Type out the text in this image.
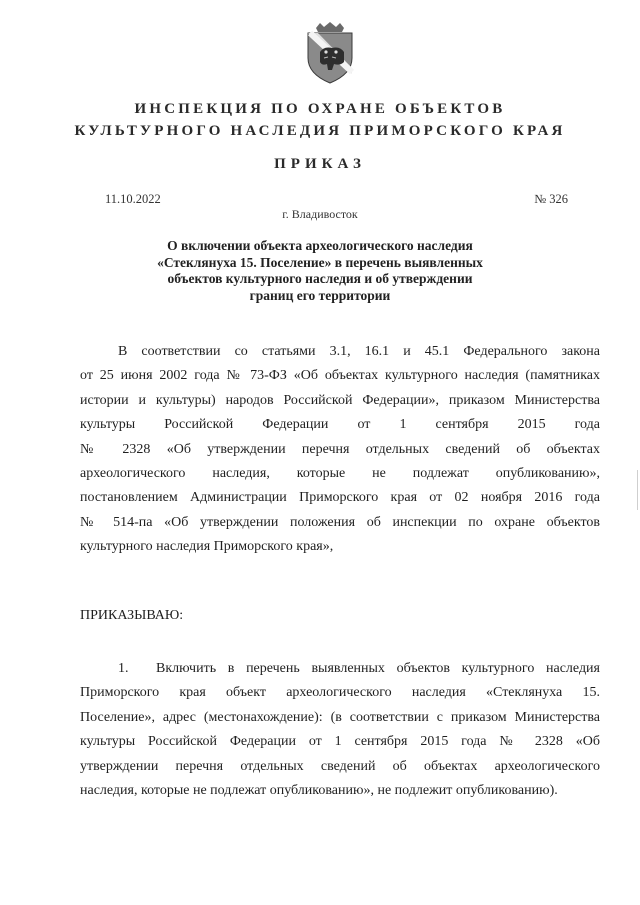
ИНСПЕКЦИЯ ПО ОХРАНЕ ОБЪЕКТОВ
КУЛЬТУРНОГО НАСЛЕДИЯ ПРИМОРСКОГО КРАЯ
ПРИКАЗ
11.10.2022	№ 326
г. Владивосток
О включении объекта археологического наследия
«Стеклянуха 15. Поселение» в перечень выявленных
объектов культурного наследия и об утверждении
границ его территории
В соответствии со статьями 3.1, 16.1 и 45.1 Федерального закона
от 25 июня 2002 года № 73-ФЗ «Об объектах культурного наследия (памятниках
истории и культуры) народов Российской Федерации», приказом Министерства
культуры Российской Федерации от 1 сентября 2015 года
№ 2328 «Об утверждении перечня отдельных сведений об объектах
археологического наследия, которые не подлежат опубликованию»,
постановлением Администрации Приморского края от 02 ноября 2016 года
№ 514-па «Об утверждении положения об инспекции по охране объектов
культурного наследия Приморского края»,
ПРИКАЗЫВАЮ:
1.	Включить в перечень выявленных объектов культурного наследия
Приморского края объект археологического наследия «Стеклянуха 15.
Поселение», адрес (местонахождение): (в соответствии с приказом Министерства
культуры Российской Федерации от 1 сентября 2015 года № 2328 «Об
утверждении перечня отдельных сведений об объектах археологического
наследия, которые не подлежат опубликованию», не подлежит опубликованию).
